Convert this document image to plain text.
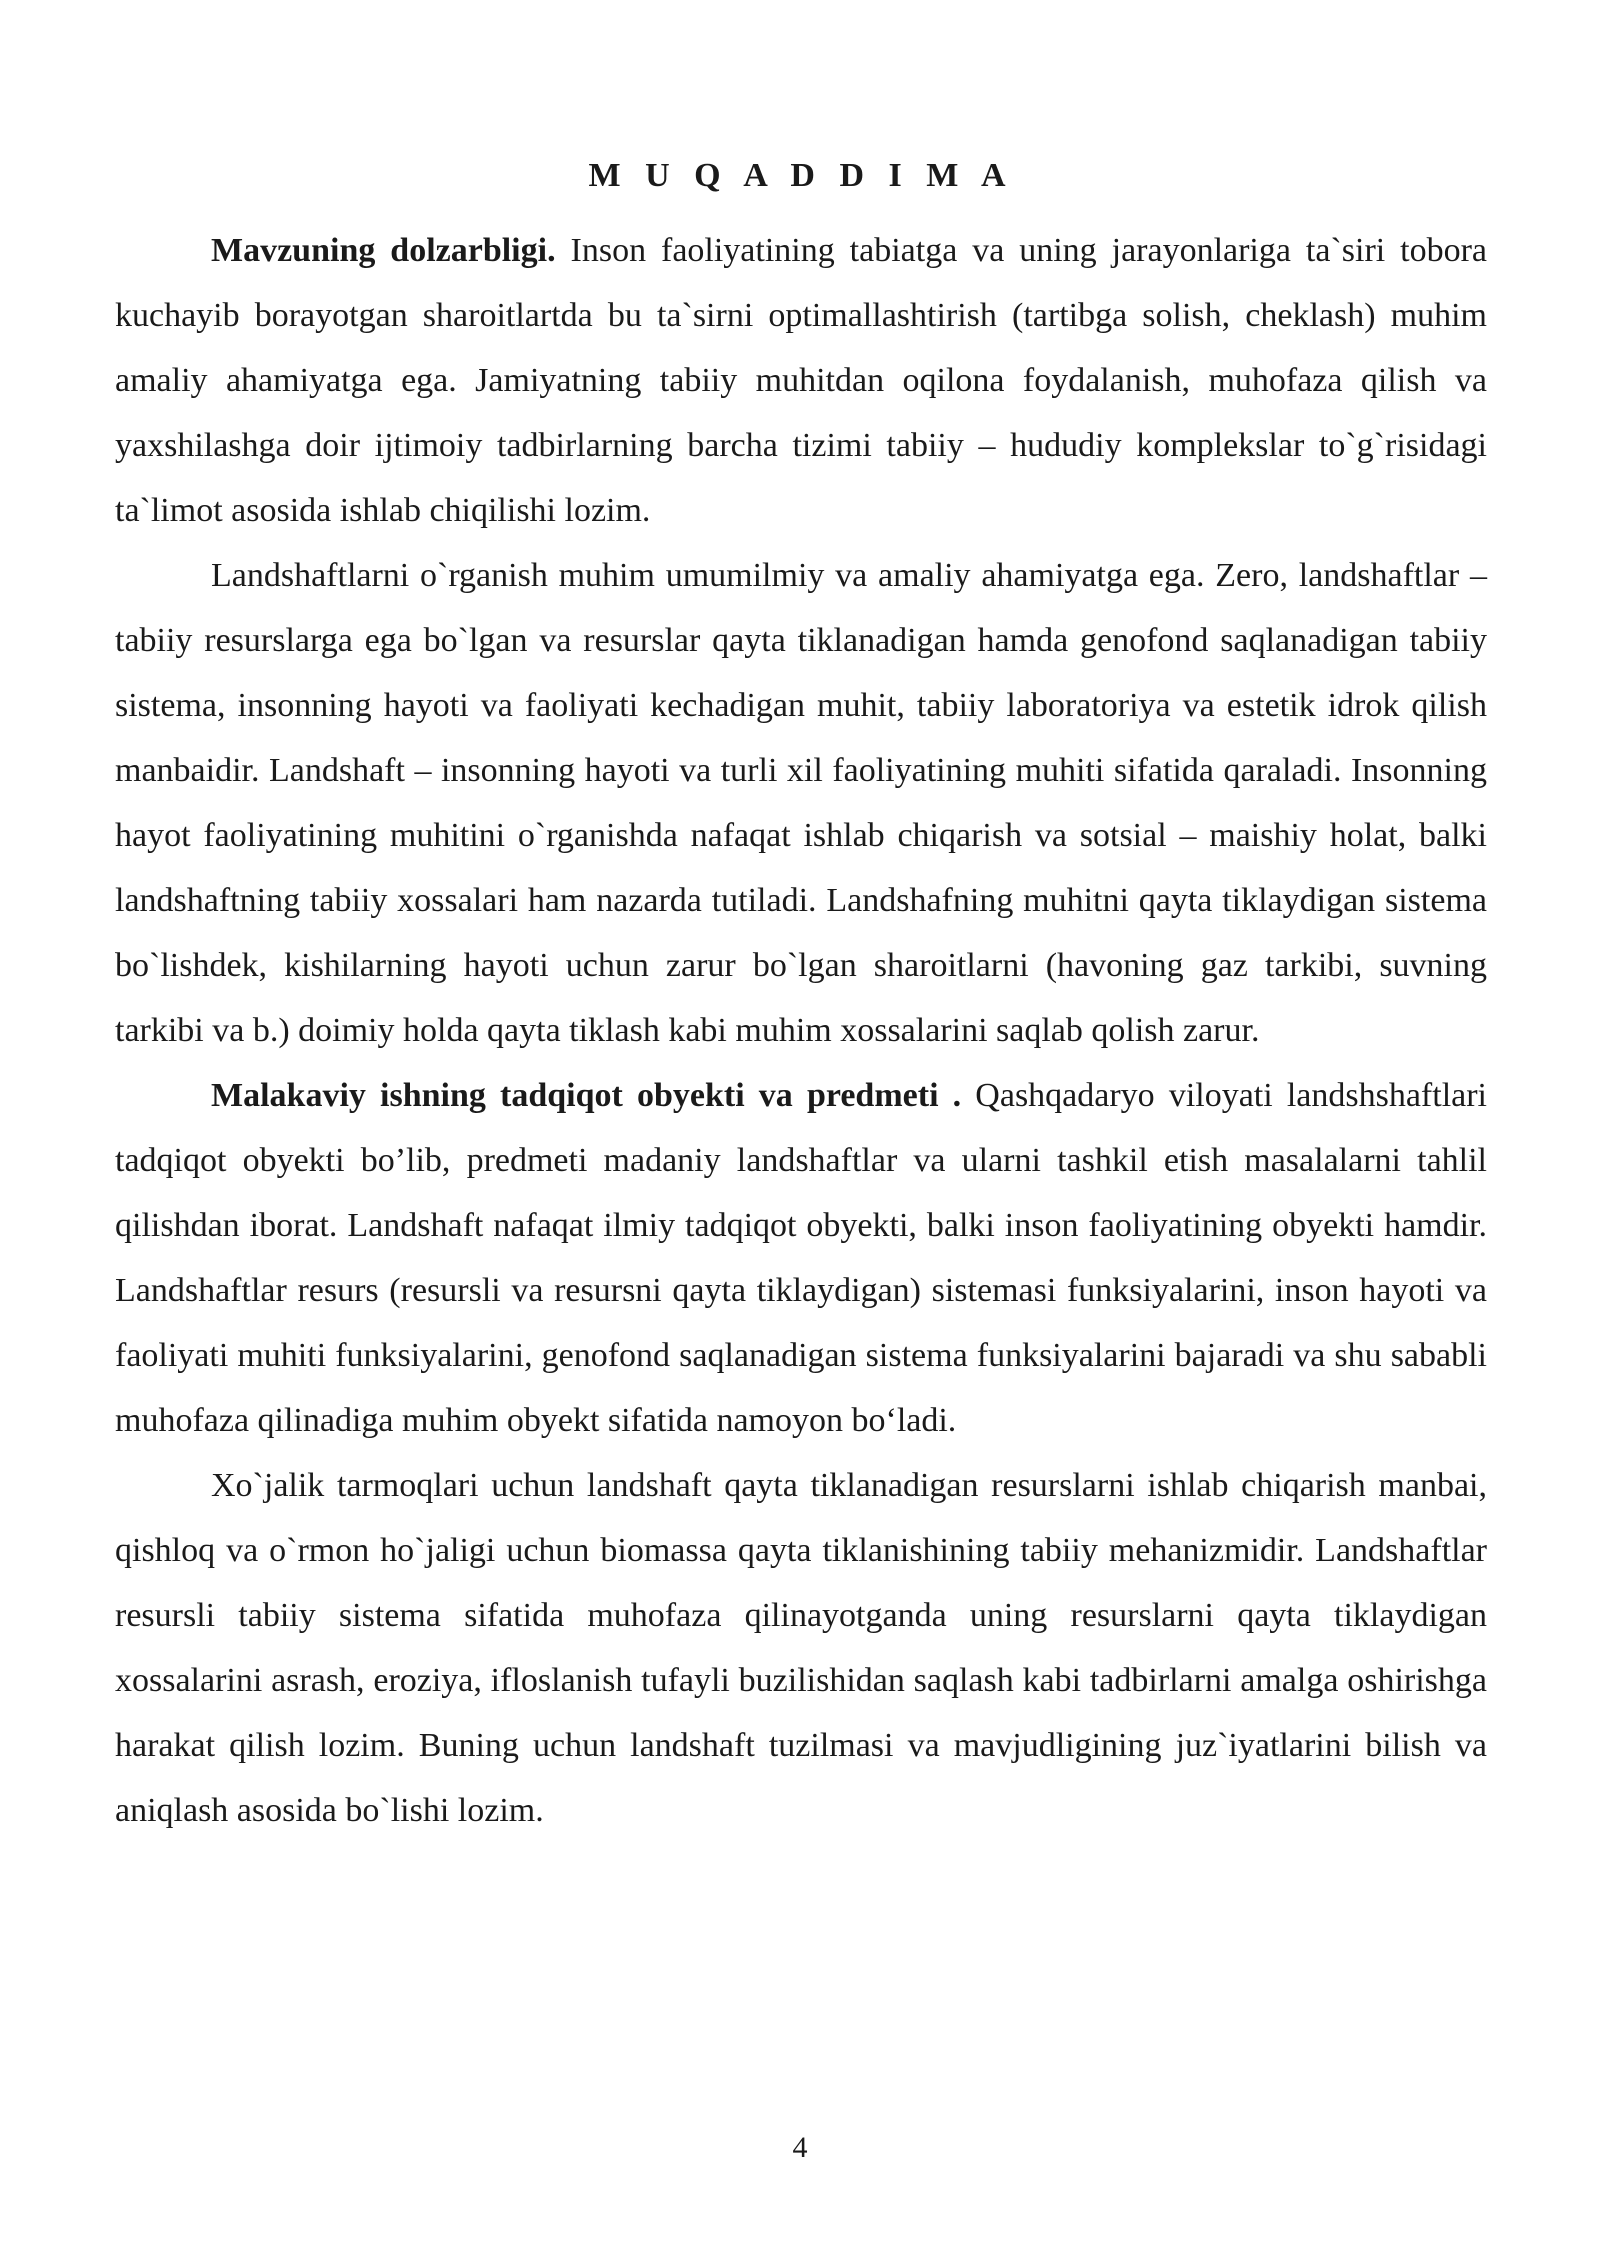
M U Q A D D I M A

Mavzuning dolzarbligi. Inson faoliyatining tabiatga va uning jarayonlariga ta`siri tobora kuchayib borayotgan sharoitlartda bu ta`sirni optimallashtirish (tartibga solish, cheklash) muhim amaliy ahamiyatga ega. Jamiyatning tabiiy muhitdan oqilona foydalanish, muhofaza qilish va yaxshilashga doir ijtimoiy tadbirlarning barcha tizimi tabiiy – hududiy komplekslar to`g`risidagi ta`limot asosida ishlab chiqilishi lozim.

Landshaftlarni o`rganish muhim umumilmiy va amaliy ahamiyatga ega. Zero, landshaftlar – tabiiy resurslarga ega bo`lgan va resurslar qayta tiklanadigan hamda genofond saqlanadigan tabiiy sistema, insonning hayoti va faoliyati kechadigan muhit, tabiiy laboratoriya va estetik idrok qilish manbaidir. Landshaft – insonning hayoti va turli xil faoliyatining muhiti sifatida qaraladi. Insonning hayot faoliyatining muhitini o`rganishda nafaqat ishlab chiqarish va sotsial – maishiy holat, balki landshaftning tabiiy xossalari ham nazarda tutiladi. Landshafning muhitni qayta tiklaydigan sistema bo`lishdek, kishilarning hayoti uchun zarur bo`lgan sharoitlarni (havoning gaz tarkibi, suvning tarkibi va b.) doimiy holda qayta tiklash kabi muhim xossalarini saqlab qolish zarur.

Malakaviy ishning tadqiqot obyekti va predmeti . Qashqadaryo viloyati landshshaftlari tadqiqot obyekti bo’lib, predmeti madaniy landshaftlar va ularni tashkil etish masalalarni tahlil qilishdan iborat. Landshaft nafaqat ilmiy tadqiqot obyekti, balki inson faoliyatining obyekti hamdir. Landshaftlar resurs (resursli va resursni qayta tiklaydigan) sistemasi funksiyalarini, inson hayoti va faoliyati muhiti funksiyalarini, genofond saqlanadigan sistema funksiyalarini bajaradi va shu sababli muhofaza qilinadiga muhim obyekt sifatida namoyon bo‘ladi.

Xo`jalik tarmoqlari uchun landshaft qayta tiklanadigan resurslarni ishlab chiqarish manbai, qishloq va o`rmon ho`jaligi uchun biomassa qayta tiklanishining tabiiy mehanizmidir. Landshaftlar resursli tabiiy sistema sifatida muhofaza qilinayotganda uning resurslarni qayta tiklaydigan xossalarini asrash, eroziya, ifloslanish tufayli buzilishidan saqlash kabi tadbirlarni amalga oshirishga harakat qilish lozim. Buning uchun landshaft tuzilmasi va mavjudligining juz`iyatlarini bilish va aniqlash asosida bo`lishi lozim.

4
